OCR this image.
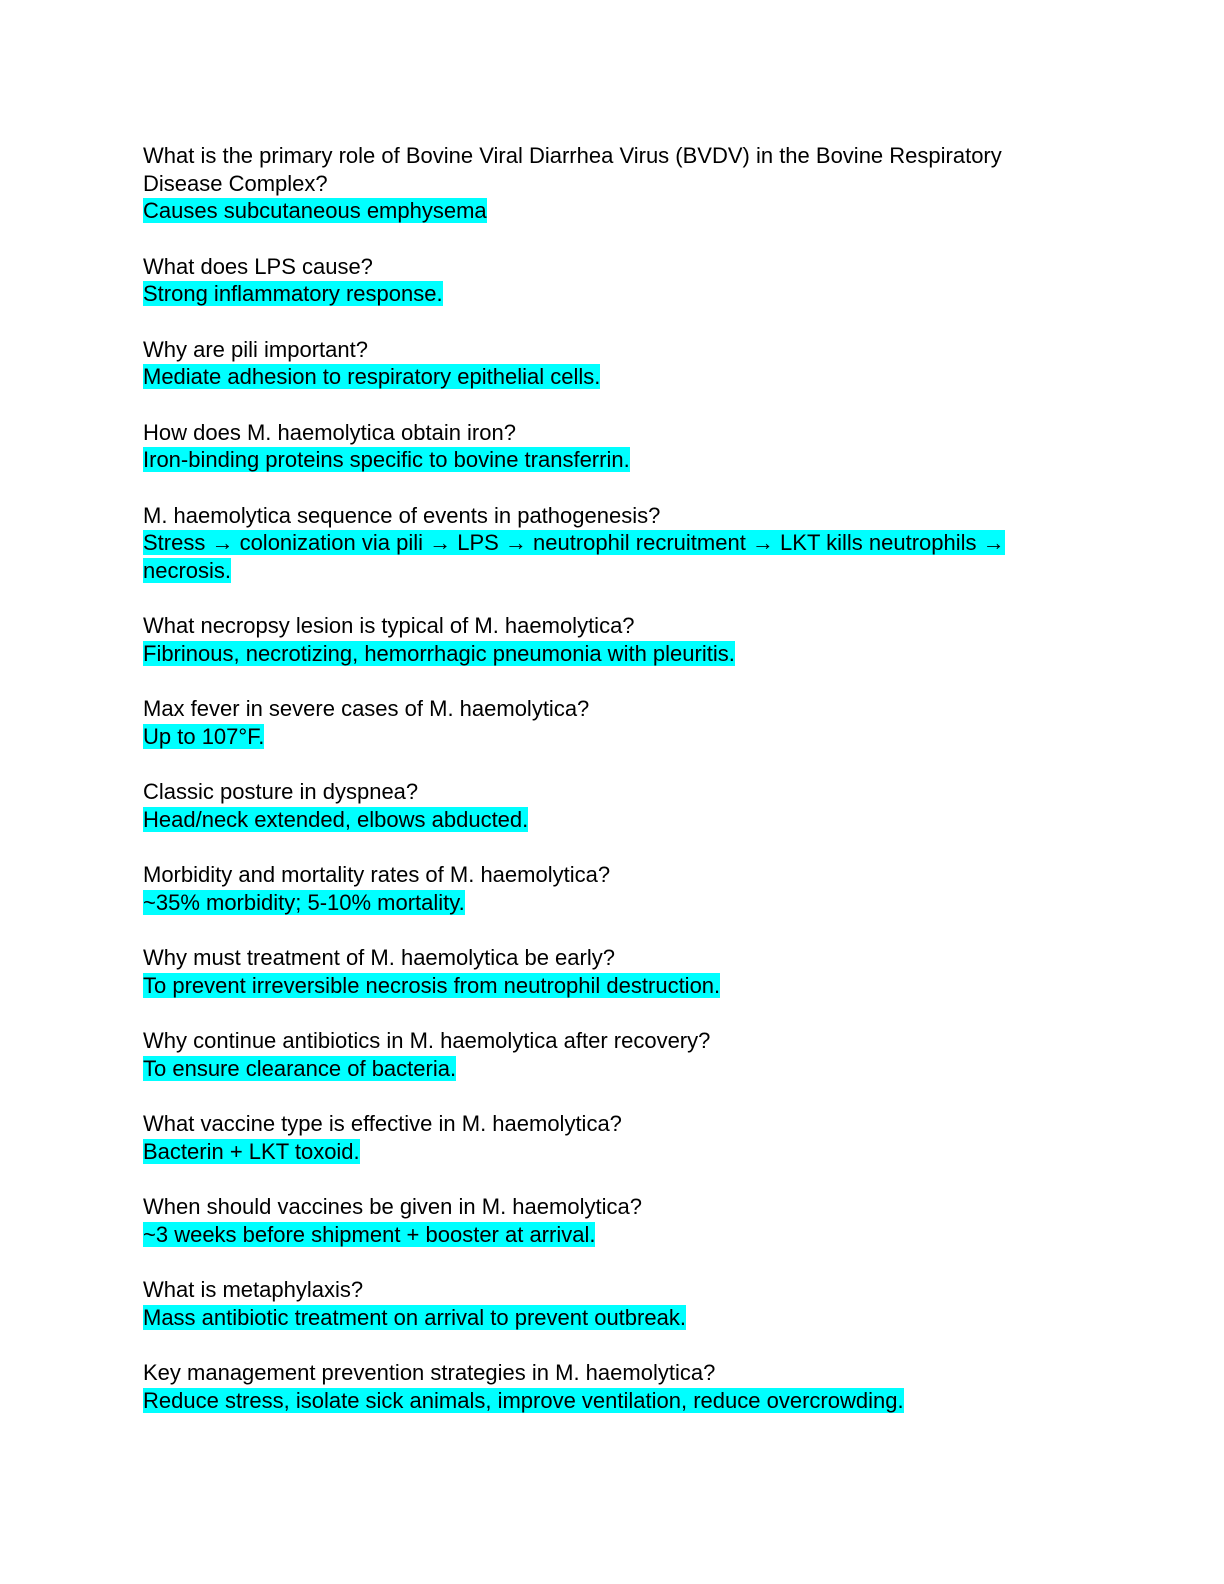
What is the primary role of Bovine Viral Diarrhea Virus (BVDV) in the Bovine Respiratory Disease Complex?
Causes subcutaneous emphysema
What does LPS cause?
Strong inflammatory response.
Why are pili important?
Mediate adhesion to respiratory epithelial cells.
How does M. haemolytica obtain iron?
Iron-binding proteins specific to bovine transferrin.
M. haemolytica sequence of events in pathogenesis?
Stress → colonization via pili → LPS → neutrophil recruitment → LKT kills neutrophils → necrosis.
What necropsy lesion is typical of M. haemolytica?
Fibrinous, necrotizing, hemorrhagic pneumonia with pleuritis.
Max fever in severe cases of M. haemolytica?
Up to 107°F.
Classic posture in dyspnea?
Head/neck extended, elbows abducted.
Morbidity and mortality rates of M. haemolytica?
~35% morbidity; 5-10% mortality.
Why must treatment of M. haemolytica be early?
To prevent irreversible necrosis from neutrophil destruction.
Why continue antibiotics in M. haemolytica after recovery?
To ensure clearance of bacteria.
What vaccine type is effective in M. haemolytica?
Bacterin + LKT toxoid.
When should vaccines be given in M. haemolytica?
~3 weeks before shipment + booster at arrival.
What is metaphylaxis?
Mass antibiotic treatment on arrival to prevent outbreak.
Key management prevention strategies in M. haemolytica?
Reduce stress, isolate sick animals, improve ventilation, reduce overcrowding.
